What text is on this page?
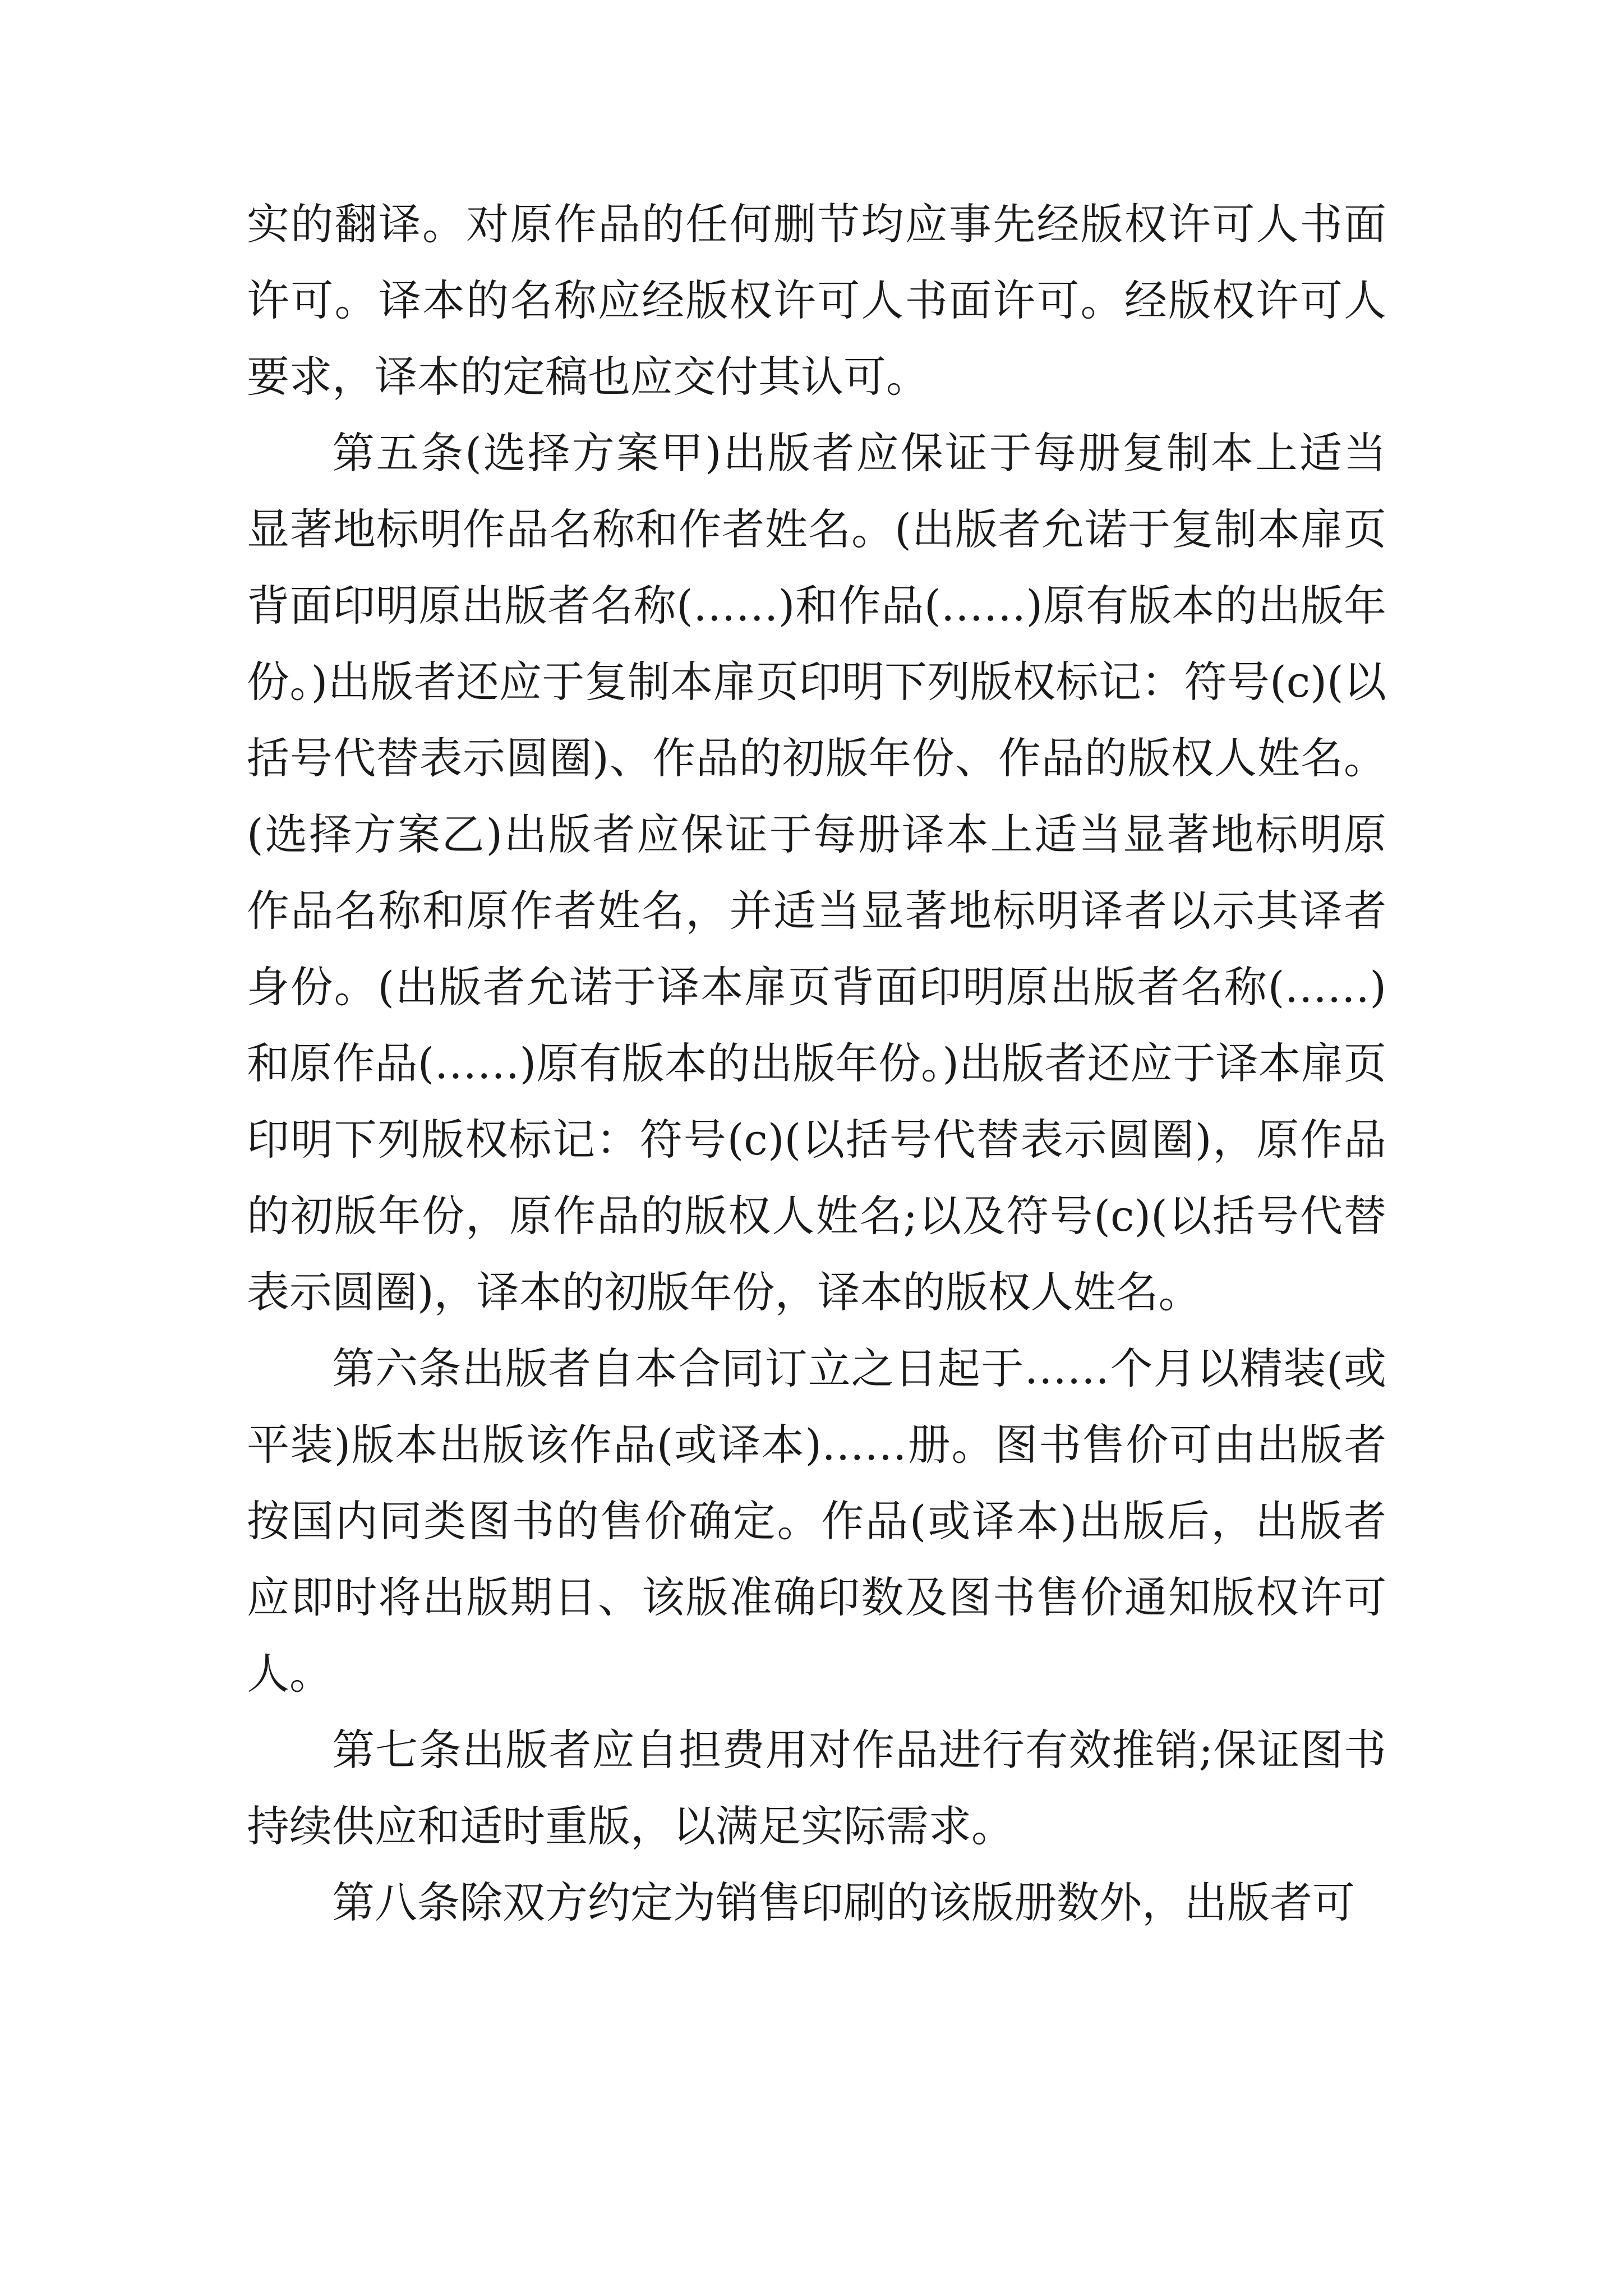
实的翻译。对原作品的任何删节均应事先经版权许可人书面许可。译本的名称应经版权许可人书面许可。经版权许可人要求，译本的定稿也应交付其认可。

第五条(选择方案甲)出版者应保证于每册复制本上适当显著地标明作品名称和作者姓名。(出版者允诺于复制本扉页背面印明原出版者名称(……)和作品(……)原有版本的出版年份。)出版者还应于复制本扉页印明下列版权标记：符号(c)(以括号代替表示圆圈)、作品的初版年份、作品的版权人姓名。(选择方案乙)出版者应保证于每册译本上适当显著地标明原作品名称和原作者姓名，并适当显著地标明译者以示其译者身份。(出版者允诺于译本扉页背面印明原出版者名称(……)和原作品(……)原有版本的出版年份。)出版者还应于译本扉页印明下列版权标记：符号(c)(以括号代替表示圆圈)，原作品的初版年份，原作品的版权人姓名;以及符号(c)(以括号代替表示圆圈)，译本的初版年份，译本的版权人姓名。

第六条出版者自本合同订立之日起于……个月以精装(或平装)版本出版该作品(或译本)……册。图书售价可由出版者按国内同类图书的售价确定。作品(或译本)出版后，出版者应即时将出版期日、该版准确印数及图书售价通知版权许可人。

第七条出版者应自担费用对作品进行有效推销;保证图书持续供应和适时重版，以满足实际需求。

第八条除双方约定为销售印刷的该版册数外，出版者可
